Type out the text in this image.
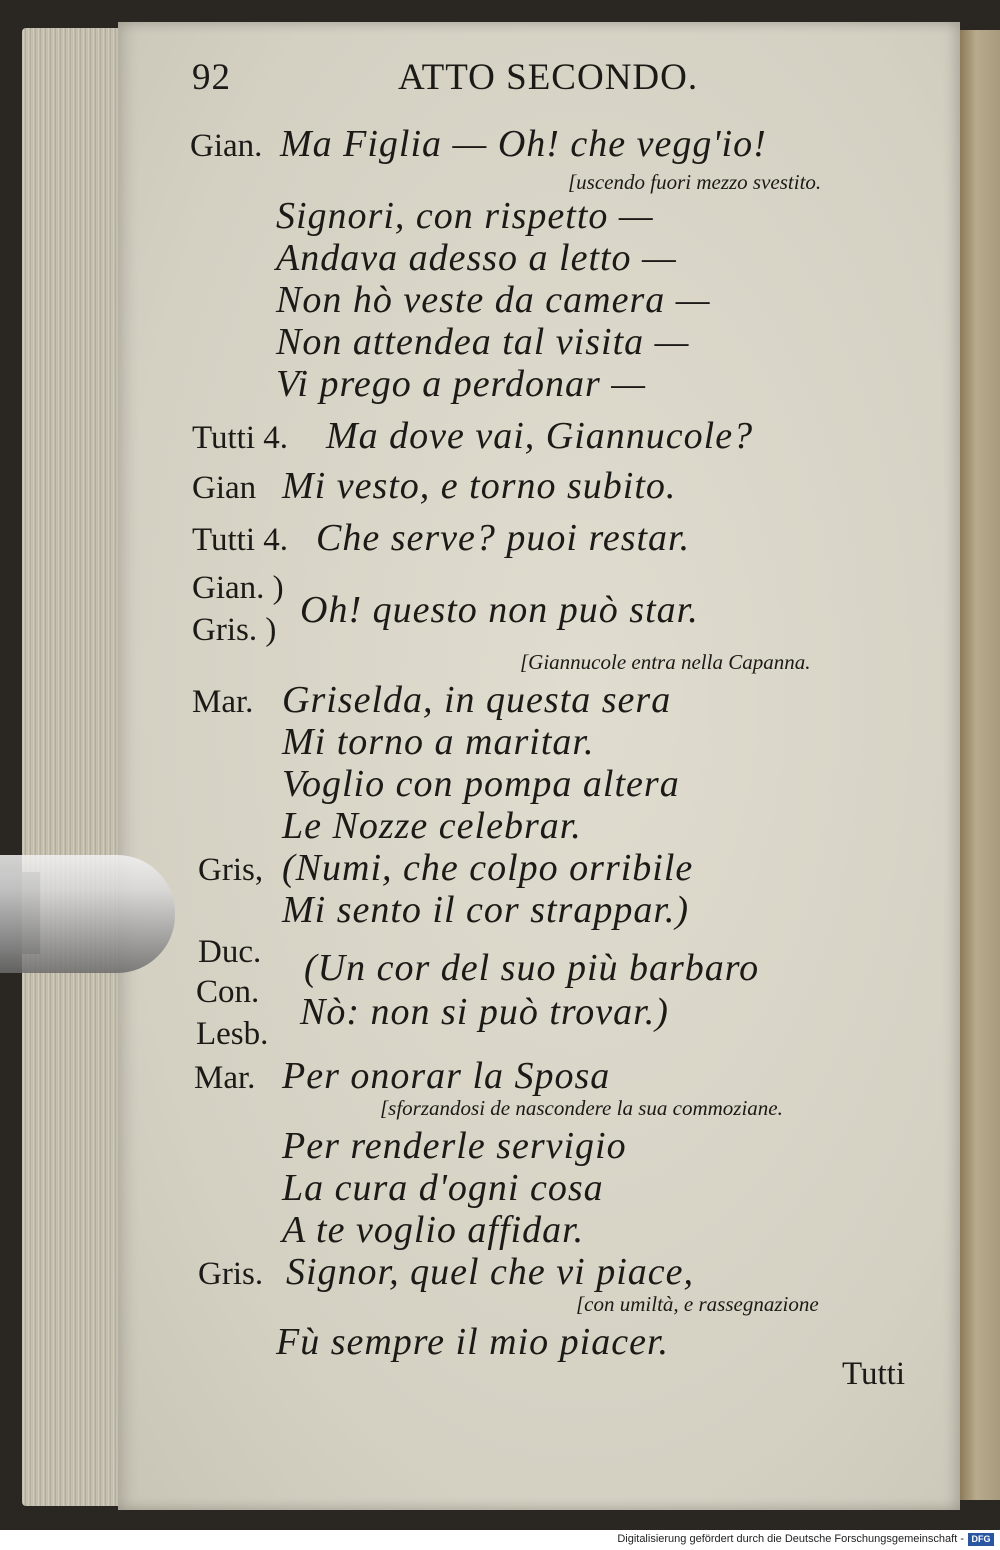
92	ATTO SECONDO.
Gian. Ma Figlia — Oh! che vegg'io!
[uscendo fuori mezzo svestito.
Signori, con rispetto —
Andava adesso a letto —
Non hò veste da camera —
Non attendea tal visita —
Vi prego a perdonar —
Tutti 4. Ma dove vai, Giannucole?
Gian Mi vesto, e torno subito.
Tutti 4. Che serve? puoi restar.
Gian. )
Gris. ) Oh! questo non può star.
[Giannucole entra nella Capanna.
Mar. Griselda, in questa sera
Mi torno a maritar.
Voglio con pompa altera
Le Nozze celebrar.
Gris, (Numi, che colpo orribile
Mi sento il cor strappar.)
Duc.
Con.
Lesb.
(Un cor del suo più barbaro
Nò: non si può trovar.)
Mar. Per onorar la Sposa
[sforzandosi de nascondere la sua commoziane.
Per renderle servigio
La cura d'ogni cosa
A te voglio affidar.
Gris. Signor, quel che vi piace,
[con umiltà, e rassegnazione
Fù sempre il mio piacer.
Tutti
Digitalisierung gefördert durch die Deutsche Forschungsgemeinschaft - DFG
